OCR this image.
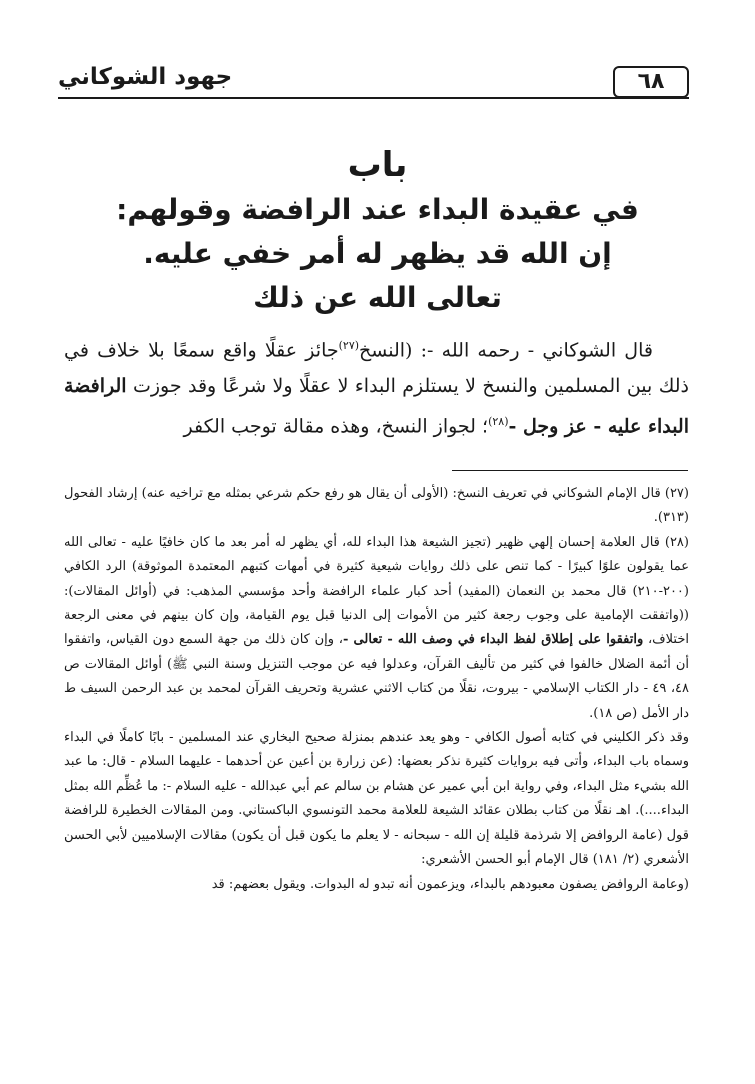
٦٨
جهود الشوكاني
باب
في عقيدة البداء عند الرافضة وقولهم:
إن الله قد يظهر له أمر خفي عليه.
تعالى الله عن ذلك

قال الشوكاني - رحمه الله -: (النسخ$^{(٢٧)}$جائز عقلًا واقع سمعًا بلا خلاف في ذلك بين المسلمين والنسخ لا يستلزم البداء لا عقلًا ولا شرعًا وقد جوزت الرافضة البداء عليه - عز وجل -$^{(٢٨)}$؛ لجواز النسخ، وهذه مقالة توجب الكفر

(٢٧) قال الإمام الشوكاني في تعريف النسخ: (الأولى أن يقال هو رفع حكم شرعي بمثله مع تراخيه عنه) إرشاد الفحول (٣١٣).

(٢٨) قال العلامة إحسان إلهي ظهير (تجيز الشيعة هذا البداء لله، أي يظهر له أمر بعد ما كان خافيًا عليه - تعالى الله عما يقولون علوًا كبيرًا - كما تنص على ذلك روايات شيعية كثيرة في أمهات كتبهم المعتمدة الموثوقة) الرد الكافي (٢٠٠-٢١٠) قال محمد بن النعمان (المفيد) أحد كبار علماء الرافضة وأحد مؤسسي المذهب: في (أوائل المقالات): ((واتفقت الإمامية على وجوب رجعة كثير من الأموات إلى الدنيا قبل يوم القيامة، وإن كان بينهم في معنى الرجعة اختلاف، واتفقوا على إطلاق لفظ البداء في وصف الله - تعالى -، وإن كان ذلك من جهة السمع دون القياس، واتفقوا أن أئمة الضلال خالفوا في كثير من تأليف القرآن، وعدلوا فيه عن موجب التنزيل وسنة النبي ﷺ) أوائل المقالات ص ٤٨، ٤٩ - دار الكتاب الإسلامي - بيروت، نقلًا من كتاب الاثني عشرية وتحريف القرآن لمحمد بن عبد الرحمن السيف ط دار الأمل (ص ١٨).

وقد ذكر الكليني في كتابه أصول الكافي - وهو يعد عندهم بمنزلة صحيح البخاري عند المسلمين - بابًا كاملًا في البداء وسماه باب البداء، وأتى فيه بروايات كثيرة نذكر بعضها: (عن زرارة بن أعين عن أحدهما - عليهما السلام - قال: ما عبد الله بشيء مثل البداء، وفي رواية ابن أبي عمير عن هشام بن سالم عم أبي عبدالله - عليه السلام -: ما عُظِّم الله بمثل البداء....). اهـ نقلًا من كتاب بطلان عقائد الشيعة للعلامة محمد التونسوي الباكستاني. ومن المقالات الخطيرة للرافضة قول (عامة الروافض إلا شرذمة قليلة إن الله - سبحانه - لا يعلم ما يكون قبل أن يكون) مقالات الإسلاميين لأبي الحسن الأشعري (٢/ ١٨١) قال الإمام أبو الحسن الأشعري:

(وعامة الروافض يصفون معبودهم بالبداء، ويزعمون أنه تبدو له البدوات. ويقول بعضهم: قد
